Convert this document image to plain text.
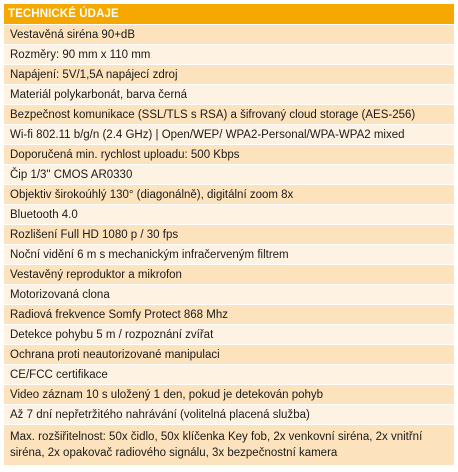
TECHNICKÉ ÚDAJE
Vestavěná siréna 90+dB
Rozměry: 90 mm x 110 mm
Napájení: 5V/1,5A napájecí zdroj
Materiál polykarbonát, barva černá
Bezpečnost komunikace (SSL/TLS s RSA) a šifrovaný cloud storage (AES-256)
Wi-fi 802.11 b/g/n (2.4 GHz) | Open/WEP/ WPA2-Personal/WPA-WPA2 mixed
Doporučená min. rychlost uploadu: 500 Kbps
Čip 1/3" CMOS AR0330
Objektiv širokoúhlý 130° (diagonálně), digitální zoom 8x
Bluetooth 4.0
Rozlišení Full HD 1080 p / 30 fps
Noční vidění 6 m s mechanickým infračerveným filtrem
Vestavěný reproduktor a mikrofon
Motorizovaná clona
Radiová frekvence Somfy Protect 868 Mhz
Detekce pohybu 5 m / rozpoznání zvířat
Ochrana proti neautorizované manipulaci
CE/FCC certifikace
Video záznam 10 s uložený 1 den, pokud je detekován pohyb
Až 7 dní nepřetržitého nahrávání (volitelná placená služba)
Max. rozšiřitelnost: 50x čidlo, 50x klíčenka Key fob, 2x venkovní siréna, 2x vnitřní siréna, 2x opakovač radiového signálu, 3x bezpečnostní kamera
